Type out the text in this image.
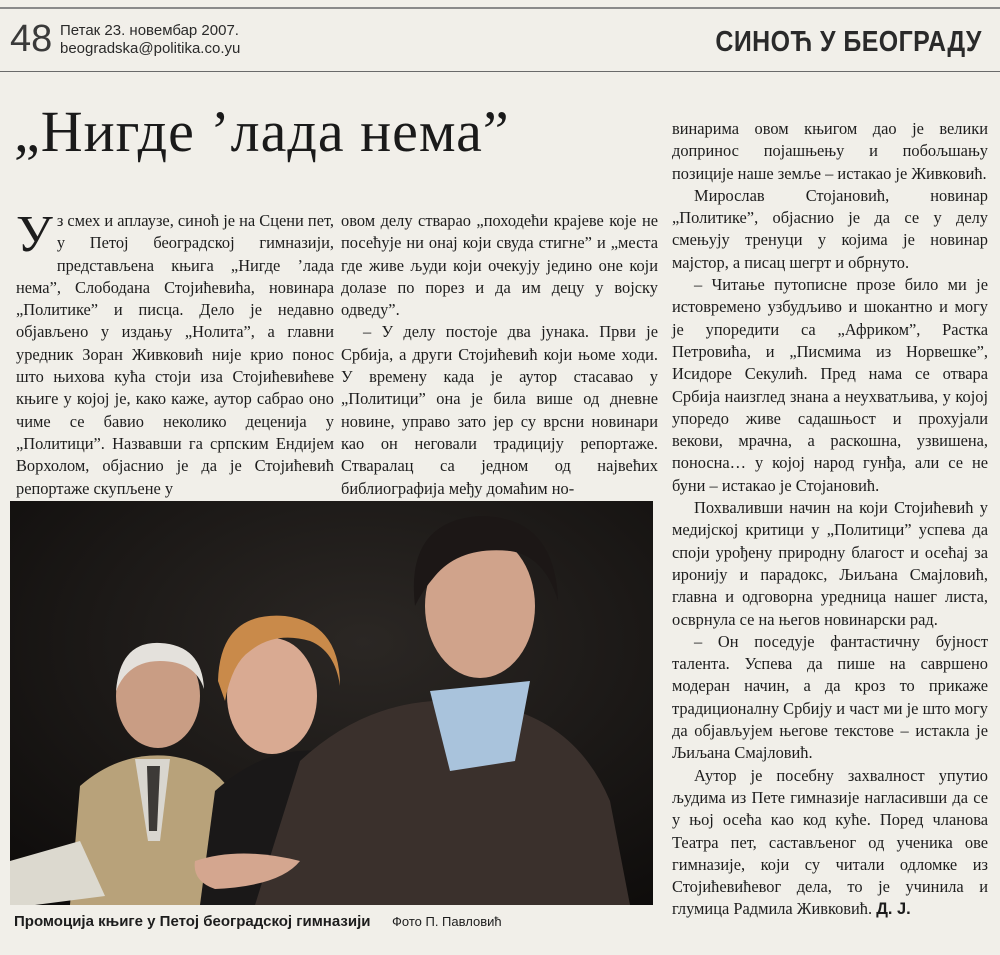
48 Петак 23. новембар 2007.
beogradska@politika.co.yu	СИНОЋ У БЕОГРАДУ
„Нигде ’лада нема”

Уз смех и аплаузе, синоћ је на Сцени пет, у Петој београдској гимназији, представљена књига „Нигде ’лада нема”, Слободана Стојићевића, новинара „Политике” и писца. Дело је недавно објављено у издању „Нолита”, а главни уредник Зоран Живковић није крио понос што њихова кућа стоји иза Стојићевићеве књиге у којој је, како каже, аутор сабрао оно чиме се бавио неколико деценија у „Политици”. Назвавши га српским Ендијем Ворхолом, објаснио је да је Стојићевић репортаже скупљене у

овом делу стварао „походећи крајеве које не посећује ни онај који свуда стигне” и „места где живе људи који очекују једино оне који долазе по порез и да им децу у војску одведу”.

– У делу постоје два јунака. Први је Србија, а други Стојићевић који њоме ходи. У времену када је аутор стасавао у „Политици” она је била више од дневне новине, управо зато јер су врсни новинари као он неговали традицију репортаже. Стваралац са једном од највећих библиографија међу домаћим но-

винарима овом књигом дао је велики допринос појашњењу и побољшању позиције наше земље – истакао је Живковић.

Мирослав Стојановић, новинар „Политике”, објаснио је да се у делу смењују тренуци у којима је новинар мајстор, а писац шегрт и обрнуто.

– Читање путописне прозе било ми је истовремено узбудљиво и шокантно и могу је упоредити са „Африком”, Растка Петровића, и „Писмима из Норвешке”, Исидоре Секулић. Пред нама се отвара Србија наизглед знана а неухватљива, у којој упоредо живе садашњост и прохујали векови, мрачна, а раскошна, узвишена, поносна… у којој народ гунђа, али се не буни – истакао је Стојановић.

Похваливши начин на који Стојићевић у медијској критици у „Политици” успева да споји урођену природну благост и осећај за иронију и парадокс, Љиљана Смајловић, главна и одговорна уредница нашег листа, осврнула се на његов новинарски рад.

– Он поседује фантастичну бујност талента. Успева да пише на савршено модеран начин, а да кроз то прикаже традиционалну Србију и част ми је што могу да објављујем његове текстове – истакла је Љиљана Смајловић.

Аутор је посебну захвалност упутио људима из Пете гимназије нагласивши да се у њој осећа као код куће. Поред чланова Театра пет, састављеног од ученика ове гимназије, који су читали одломке из Стојићевићевог дела, то је учинила и глумица Радмила Живковић. Д. Ј.

Промоција књиге у Петој београдској гимназији Фото П. Павловић
